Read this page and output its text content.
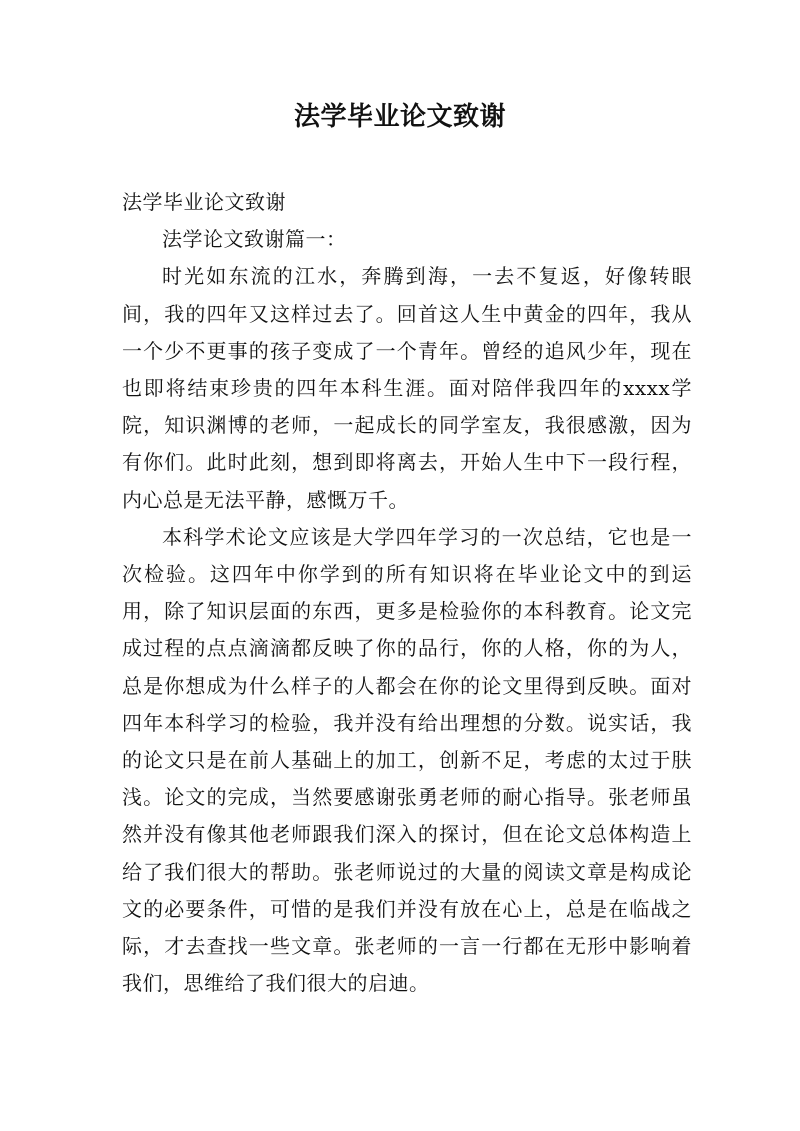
法学毕业论文致谢

法学毕业论文致谢

法学论文致谢篇一：

时光如东流的江水，奔腾到海，一去不复返，好像转眼间，我的四年又这样过去了。回首这人生中黄金的四年，我从一个少不更事的孩子变成了一个青年。曾经的追风少年，现在也即将结束珍贵的四年本科生涯。面对陪伴我四年的xxxx学院，知识渊博的老师，一起成长的同学室友，我很感激，因为有你们。此时此刻，想到即将离去，开始人生中下一段行程，内心总是无法平静，感慨万千。

本科学术论文应该是大学四年学习的一次总结，它也是一次检验。这四年中你学到的所有知识将在毕业论文中的到运用，除了知识层面的东西，更多是检验你的本科教育。论文完成过程的点点滴滴都反映了你的品行，你的人格，你的为人，总是你想成为什么样子的人都会在你的论文里得到反映。面对四年本科学习的检验，我并没有给出理想的分数。说实话，我的论文只是在前人基础上的加工，创新不足，考虑的太过于肤浅。论文的完成，当然要感谢张勇老师的耐心指导。张老师虽然并没有像其他老师跟我们深入的探讨，但在论文总体构造上给了我们很大的帮助。张老师说过的大量的阅读文章是构成论文的必要条件，可惜的是我们并没有放在心上，总是在临战之际，才去查找一些文章。张老师的一言一行都在无形中影响着我们，思维给了我们很大的启迪。
